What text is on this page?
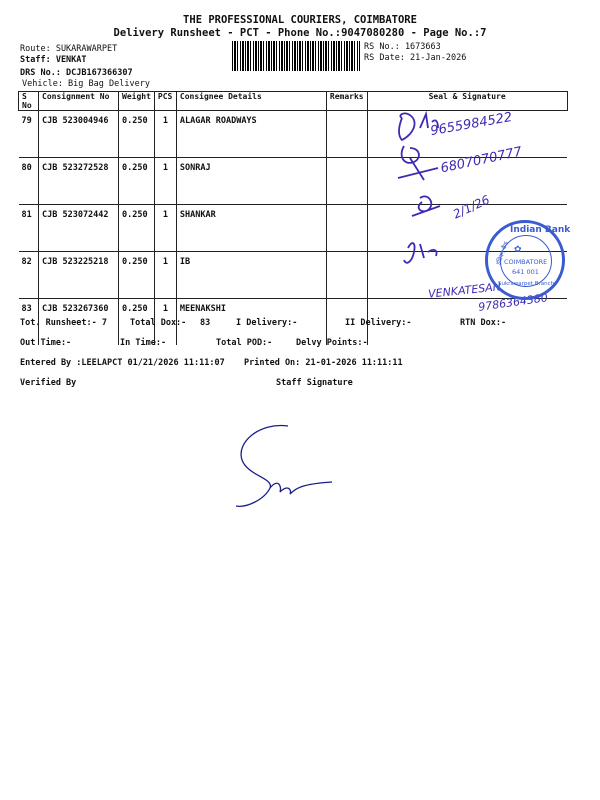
THE PROFESSIONAL COURIERS, COIMBATORE
Delivery Runsheet - PCT - Phone No.:9047080280 - Page No.:7
Route: SUKARAWARPET
Staff: VENKAT
DRS No.: DCJB167366307
Vehicle: Big Bag Delivery
RS No.: 1673663
RS Date: 21-Jan-2026
S No	Consignment No	Weight	PCS	Consignee Details	Remarks	Seal & Signature
79	CJB 523004946	0.250	1	ALAGAR ROADWAYS		
80	CJB 523272528	0.250	1	SONRAJ		
81	CJB 523072442	0.250	1	SHANKAR		
82	CJB 523225218	0.250	1	IB		
83	CJB 523267360	0.250	1	MEENAKSHI		
9655984522
6807070777
2/1/26
VENKATESAN
9786364380
Indian Bank
इंडियन बैंक ✿
COIMBATORE
641 001
Sukrawarpet Branch
Tot. Runsheet:- 7	Total Dox:- 83	I Delivery:-	II Delivery:-	RTN Dox:-
Out Time:-	In Time:-	Total POD:-	Delvy Points:-
Entered By :LEELAPCT 01/21/2026 11:11:07 Printed On: 21-01-2026 11:11:11
Verified By	Staff Signature
